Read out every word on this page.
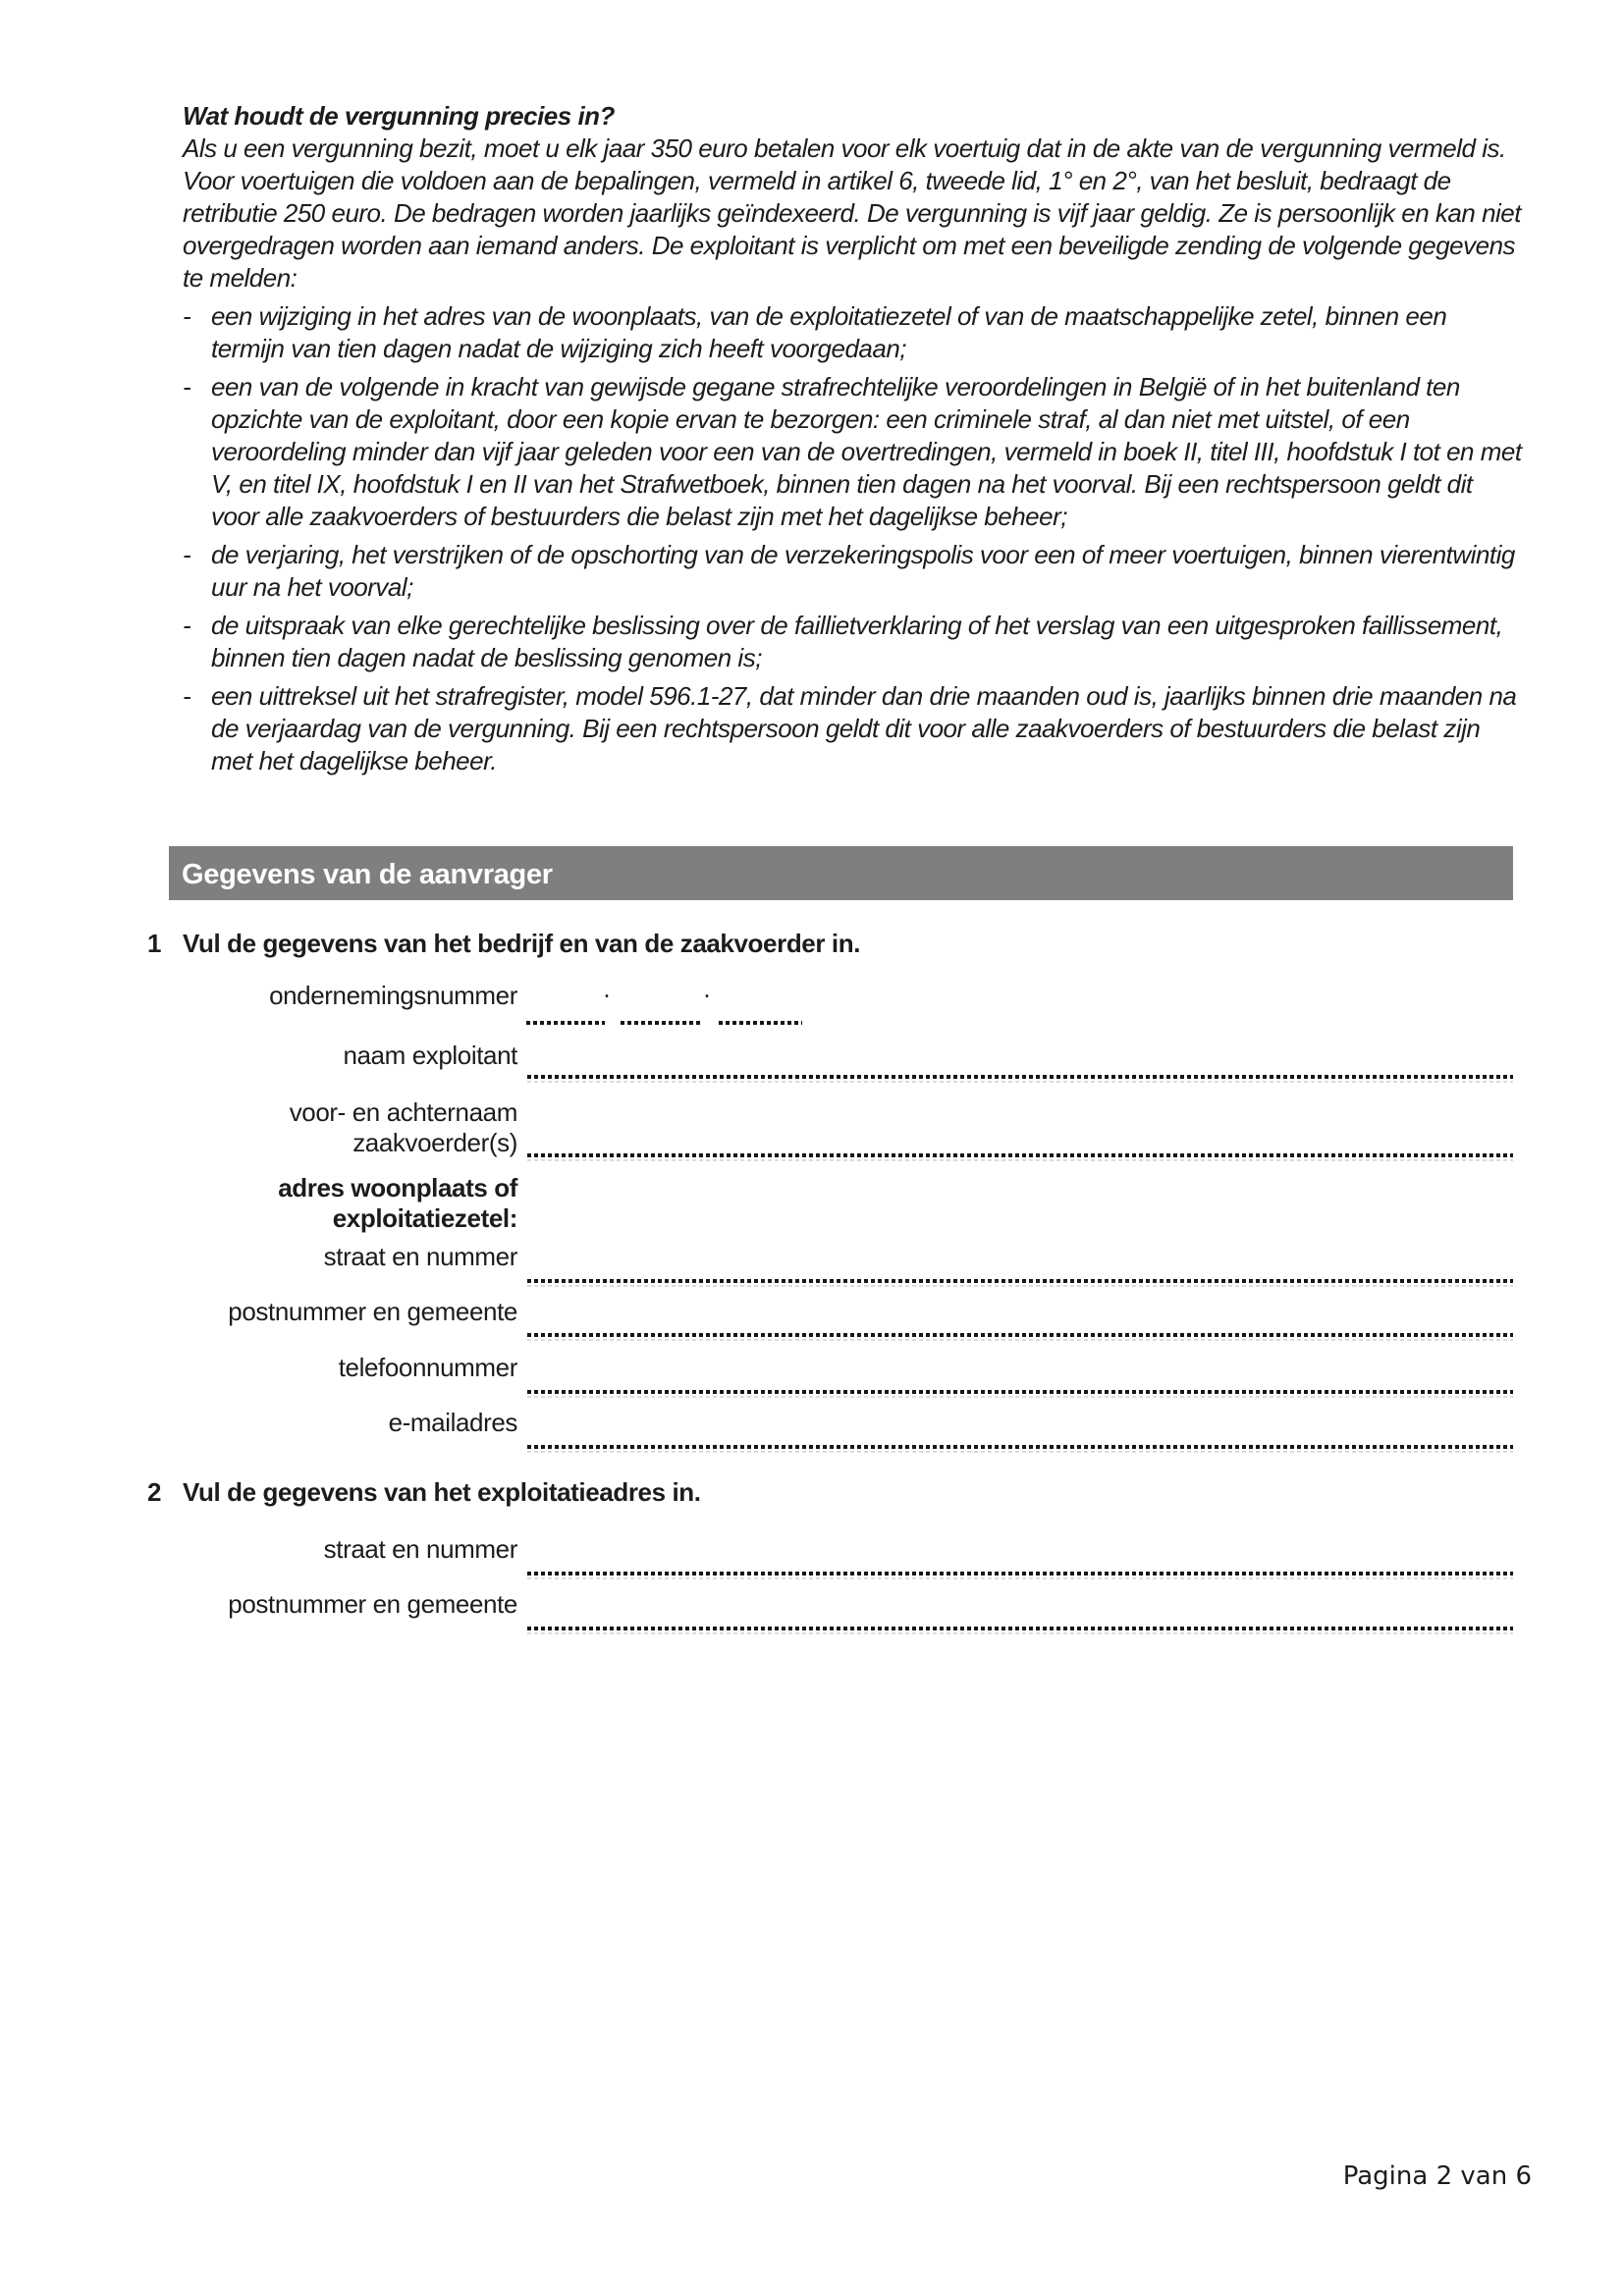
Wat houdt de vergunning precies in?

Als u een vergunning bezit, moet u elk jaar 350 euro betalen voor elk voertuig dat in de akte van de vergunning vermeld is. Voor voertuigen die voldoen aan de bepalingen, vermeld in artikel 6, tweede lid, 1° en 2°, van het besluit, bedraagt de retributie 250 euro. De bedragen worden jaarlijks geïndexeerd. De vergunning is vijf jaar geldig. Ze is persoonlijk en kan niet overgedragen worden aan iemand anders. De exploitant is verplicht om met een beveiligde zending de volgende gegevens te melden:

- een wijziging in het adres van de woonplaats, van de exploitatiezetel of van de maatschappelijke zetel, binnen een termijn van tien dagen nadat de wijziging zich heeft voorgedaan;
- een van de volgende in kracht van gewijsde gegane strafrechtelijke veroordelingen in België of in het buitenland ten opzichte van de exploitant, door een kopie ervan te bezorgen: een criminele straf, al dan niet met uitstel, of een veroordeling minder dan vijf jaar geleden voor een van de overtredingen, vermeld in boek II, titel III, hoofdstuk I tot en met V, en titel IX, hoofdstuk I en II van het Strafwetboek, binnen tien dagen na het voorval. Bij een rechtspersoon geldt dit voor alle zaakvoerders of bestuurders die belast zijn met het dagelijkse beheer;
- de verjaring, het verstrijken of de opschorting van de verzekeringspolis voor een of meer voertuigen, binnen vierentwintig uur na het voorval;
- de uitspraak van elke gerechtelijke beslissing over de faillietverklaring of het verslag van een uitgesproken faillissement, binnen tien dagen nadat de beslissing genomen is;
- een uittreksel uit het strafregister, model 596.1-27, dat minder dan drie maanden oud is, jaarlijks binnen drie maanden na de verjaardag van de vergunning. Bij een rechtspersoon geldt dit voor alle zaakvoerders of bestuurders die belast zijn met het dagelijkse beheer.
Gegevens van de aanvrager
1 Vul de gegevens van het bedrijf en van de zaakvoerder in.
ondernemingsnummer	.	.
naam exploitant
voor- en achternaam
zaakvoerder(s)
adres woonplaats of
exploitatiezetel:
straat en nummer
postnummer en gemeente
telefoonnummer
e-mailadres
2 Vul de gegevens van het exploitatieadres in.
straat en nummer
postnummer en gemeente
Pagina 2 van 6
